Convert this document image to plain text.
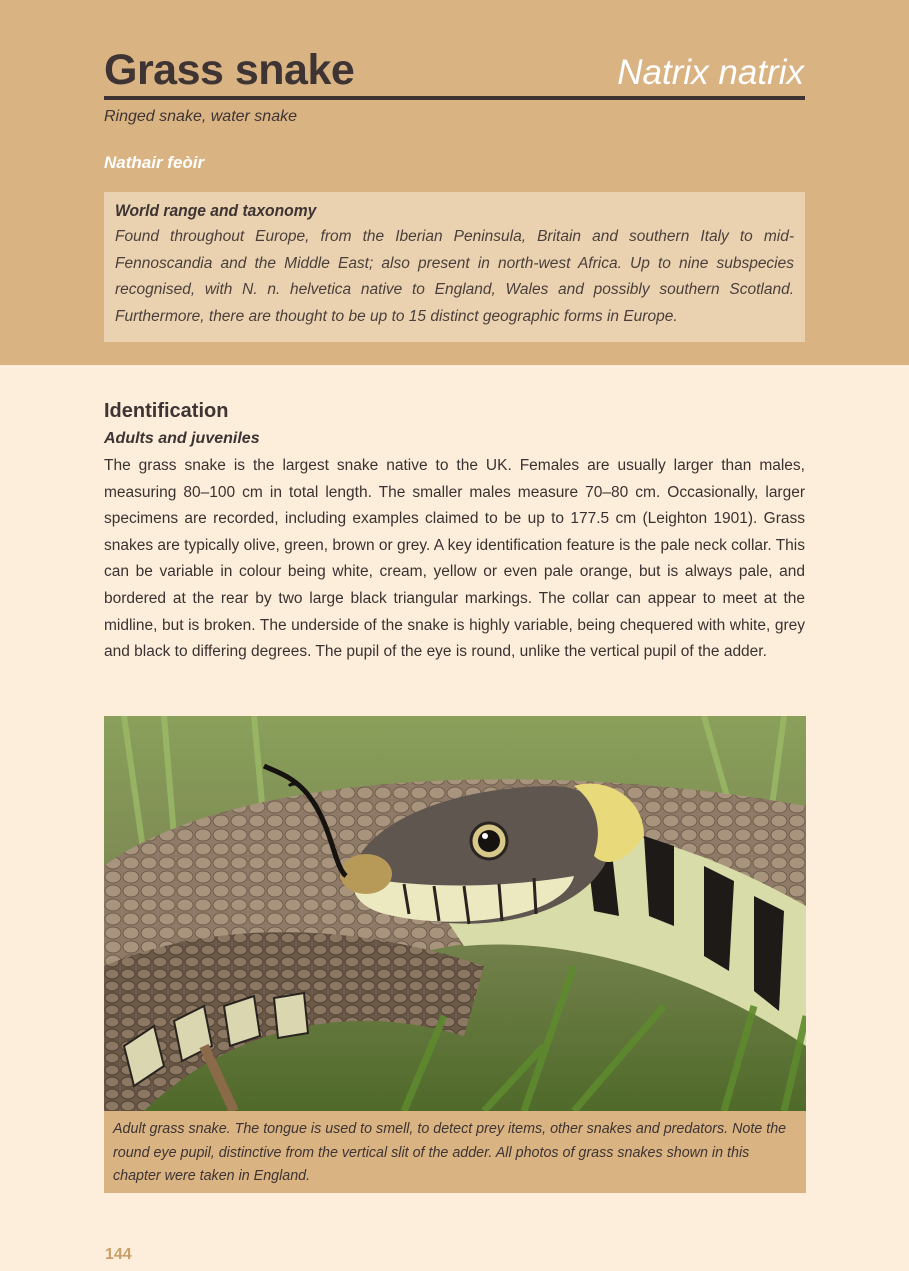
Grass snake	Natrix natrix
Ringed snake, water snake
Nathair feòir
World range and taxonomy
Found throughout Europe, from the Iberian Peninsula, Britain and southern Italy to mid-Fennoscandia and the Middle East; also present in north-west Africa. Up to nine subspecies recognised, with N. n. helvetica native to England, Wales and possibly southern Scotland. Furthermore, there are thought to be up to 15 distinct geographic forms in Europe.
Identification
Adults and juveniles
The grass snake is the largest snake native to the UK. Females are usually larger than males, measuring 80–100 cm in total length. The smaller males measure 70–80 cm. Occasionally, larger specimens are recorded, including examples claimed to be up to 177.5 cm (Leighton 1901). Grass snakes are typically olive, green, brown or grey. A key identification feature is the pale neck collar. This can be variable in colour being white, cream, yellow or even pale orange, but is always pale, and bordered at the rear by two large black triangular markings. The collar can appear to meet at the midline, but is broken. The underside of the snake is highly variable, being chequered with white, grey and black to differing degrees. The pupil of the eye is round, unlike the vertical pupil of the adder.
Adult grass snake. The tongue is used to smell, to detect prey items, other snakes and predators. Note the round eye pupil, distinctive from the vertical slit of the adder. All photos of grass snakes shown in this chapter were taken in England.
144
